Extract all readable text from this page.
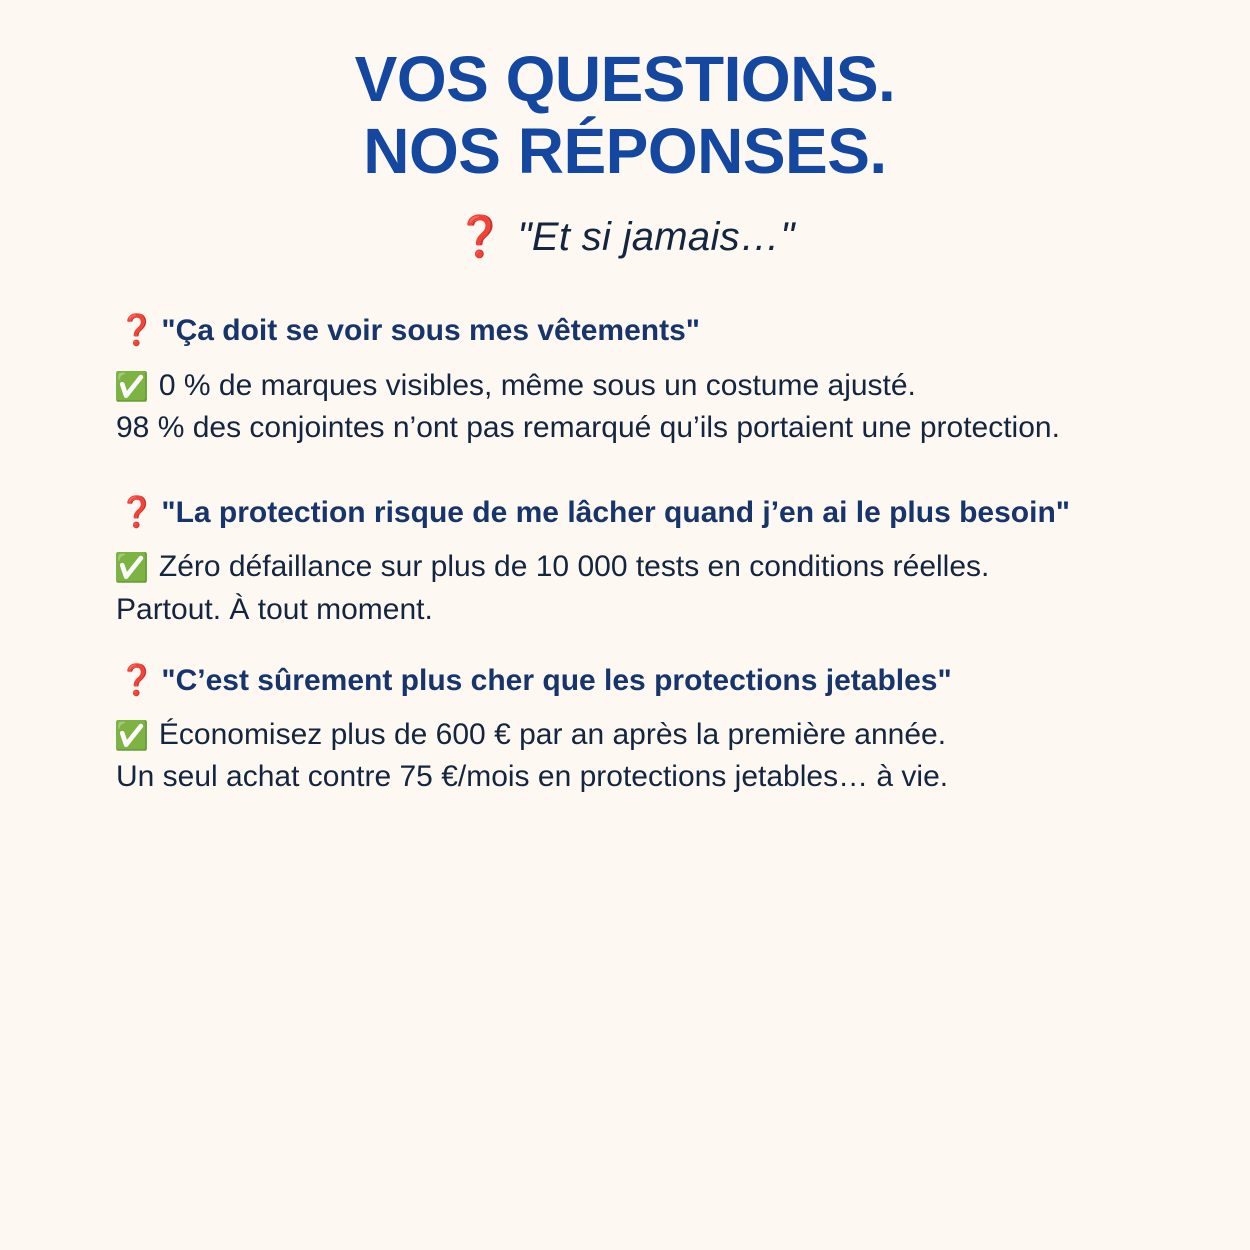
VOS QUESTIONS.
NOS RÉPONSES.
❓ "Et si jamais…"

❓ "Ça doit se voir sous mes vêtements"

✅ 0 % de marques visibles, même sous un costume ajusté.
98 % des conjointes n’ont pas remarqué qu’ils portaient une protection.

❓ "La protection risque de me lâcher quand j’en ai le plus besoin"

✅ Zéro défaillance sur plus de 10 000 tests en conditions réelles.
Partout. À tout moment.

❓ "C’est sûrement plus cher que les protections jetables"

✅ Économisez plus de 600 € par an après la première année.
Un seul achat contre 75 €/mois en protections jetables… à vie.
